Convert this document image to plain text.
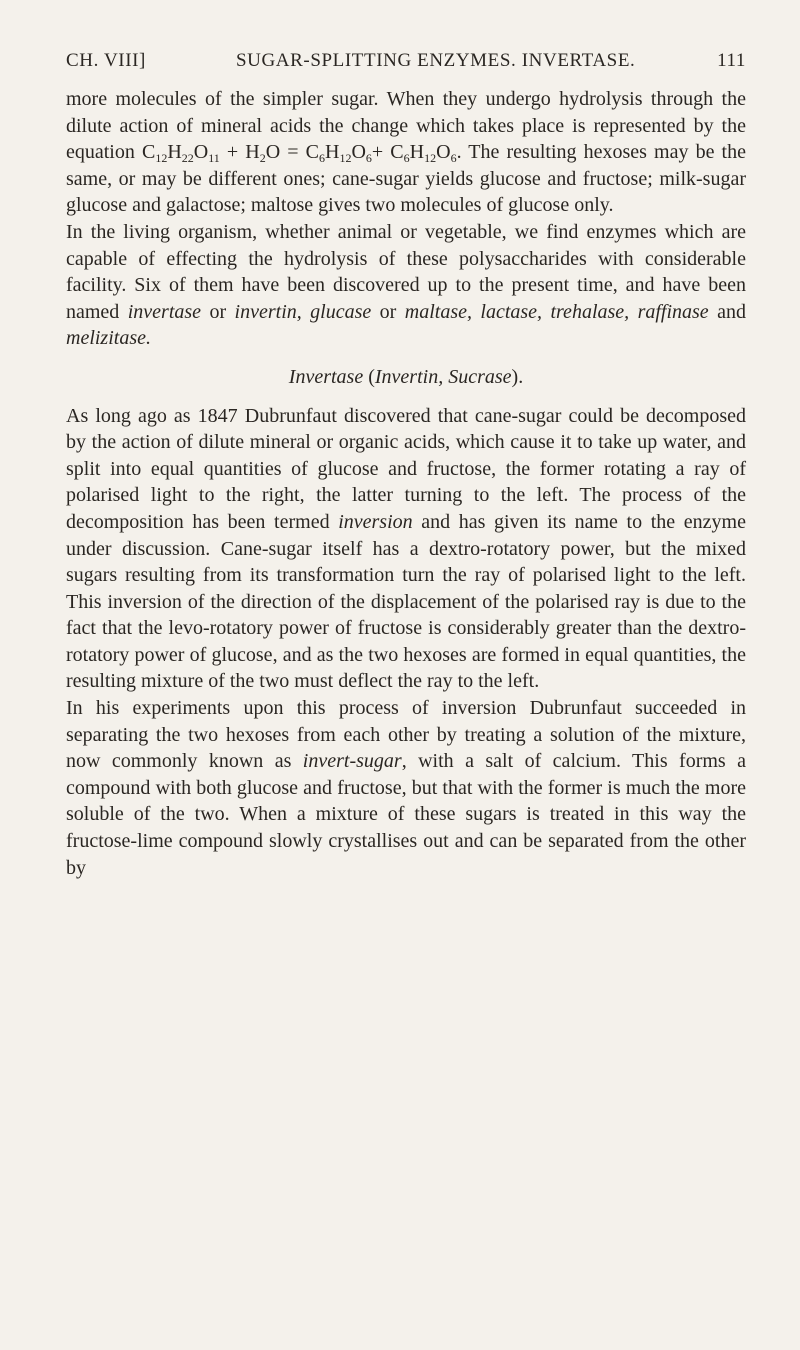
CH. VIII]	SUGAR-SPLITTING ENZYMES. INVERTASE.	111

more molecules of the simpler sugar. When they undergo hydrolysis through the dilute action of mineral acids the change which takes place is represented by the equation $C_{12}H_{22}O_{11} + H_2O = C_6H_{12}O_6+ C_6H_{12}O_6$. The resulting hexoses may be the same, or may be different ones; cane-sugar yields glucose and fructose; milk-sugar glucose and galactose; maltose gives two molecules of glucose only.

In the living organism, whether animal or vegetable, we find enzymes which are capable of effecting the hydrolysis of these polysaccharides with considerable facility. Six of them have been discovered up to the present time, and have been named invertase or invertin, glucase or maltase, lactase, trehalase, raffinase and melizitase.

Invertase (Invertin, Sucrase).

As long ago as 1847 Dubrunfaut discovered that cane-sugar could be decomposed by the action of dilute mineral or organic acids, which cause it to take up water, and split into equal quantities of glucose and fructose, the former rotating a ray of polarised light to the right, the latter turning to the left. The process of the decomposition has been termed inversion and has given its name to the enzyme under discussion. Cane-sugar itself has a dextro-rotatory power, but the mixed sugars resulting from its transformation turn the ray of polarised light to the left. This inversion of the direction of the displacement of the polarised ray is due to the fact that the levo-rotatory power of fructose is considerably greater than the dextro-rotatory power of glucose, and as the two hexoses are formed in equal quantities, the resulting mixture of the two must deflect the ray to the left.

In his experiments upon this process of inversion Dubrunfaut succeeded in separating the two hexoses from each other by treating a solution of the mixture, now commonly known as invert-sugar, with a salt of calcium. This forms a compound with both glucose and fructose, but that with the former is much the more soluble of the two. When a mixture of these sugars is treated in this way the fructose-lime compound slowly crystallises out and can be separated from the other by
